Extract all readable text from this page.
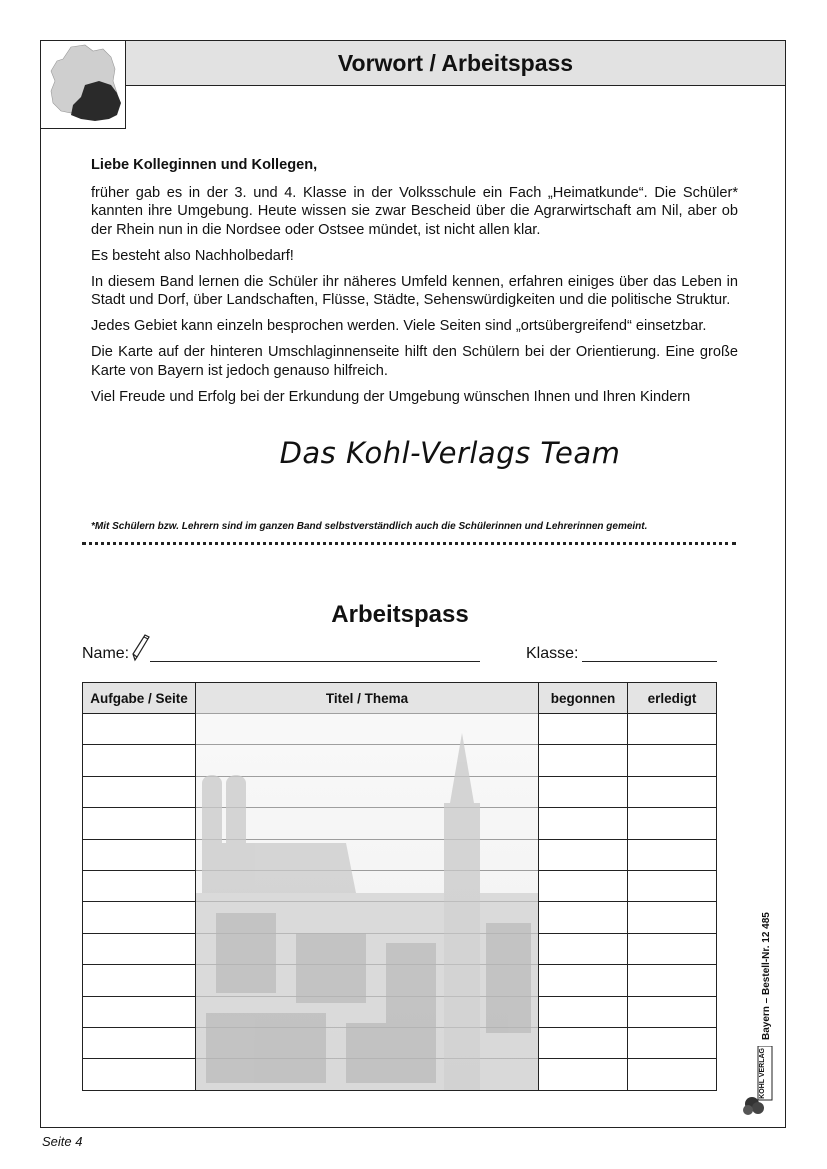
Vorwort / Arbeitspass

Liebe Kolleginnen und Kollegen,

früher gab es in der 3. und 4. Klasse in der Volksschule ein Fach „Heimatkunde“. Die Schüler* kannten ihre Umgebung. Heute wissen sie zwar Bescheid über die Agrarwirtschaft am Nil, aber ob der Rhein nun in die Nordsee oder Ostsee mündet, ist nicht allen klar.

Es besteht also Nachholbedarf!

In diesem Band lernen die Schüler ihr näheres Umfeld kennen, erfahren einiges über das Leben in Stadt und Dorf, über Landschaften, Flüsse, Städte, Sehenswürdigkeiten und die politische Struktur.

Jedes Gebiet kann einzeln besprochen werden. Viele Seiten sind „ortsübergreifend“ einsetzbar.

Die Karte auf der hinteren Umschlaginnenseite hilft den Schülern bei der Orientierung. Eine große Karte von Bayern ist jedoch genauso hilfreich.

Viel Freude und Erfolg bei der Erkundung der Umgebung wünschen Ihnen und Ihren Kindern

Das Kohl-Verlags Team
*Mit Schülern bzw. Lehrern sind im ganzen Band selbstverständlich auch die Schülerinnen und Lehrerinnen gemeint.
Arbeitspass
Name:	Klasse:
Aufgabe / Seite	Titel / Thema	begonnen	erledigt

Bayern – Bestell-Nr. 12 485
KOHL VERLAG
Seite 4
